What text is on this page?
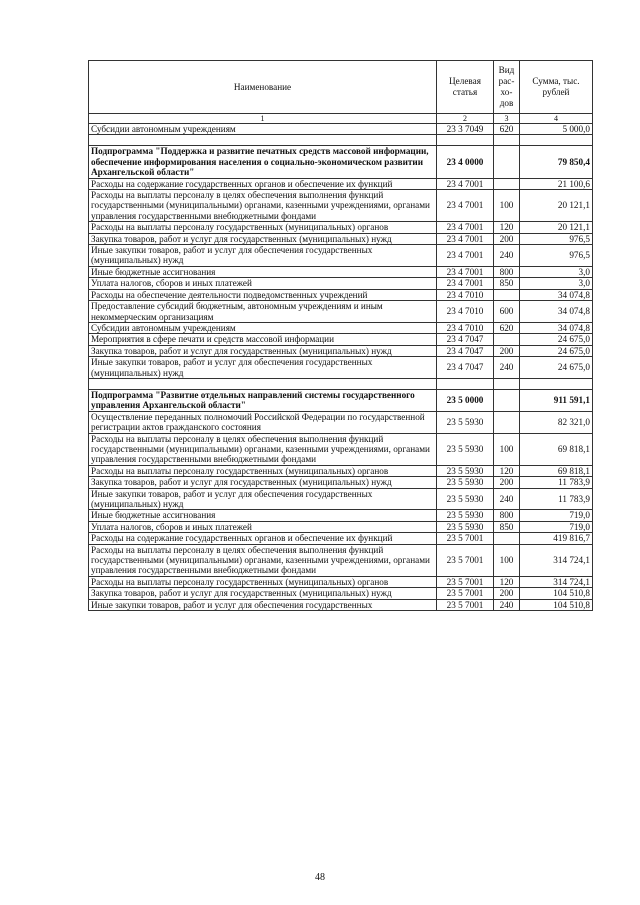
Наименование	Целевая статья	Вид рас-хо-дов	Сумма, тыс. рублей
1	2	3	4
Субсидии автономным учреждениям	23 3 7049	620	5 000,0

Подпрограмма "Поддержка и развитие печатных средств массовой информации, обеспечение информирования населения о социально-экономическом развитии Архангельской области"	23 4 0000		79 850,4
Расходы на содержание государственных органов и обеспечение их функций	23 4 7001		21 100,6
Расходы на выплаты персоналу в целях обеспечения выполнения функций государственными (муниципальными) органами, казенными учреждениями, органами управления государственными внебюджетными фондами	23 4 7001	100	20 121,1
Расходы на выплаты персоналу государственных (муниципальных) органов	23 4 7001	120	20 121,1
Закупка товаров, работ и услуг для государственных (муниципальных) нужд	23 4 7001	200	976,5
Иные закупки товаров, работ и услуг для обеспечения государственных (муниципальных) нужд	23 4 7001	240	976,5
Иные бюджетные ассигнования	23 4 7001	800	3,0
Уплата налогов, сборов и иных платежей	23 4 7001	850	3,0
Расходы на обеспечение деятельности подведомственных учреждений	23 4 7010		34 074,8
Предоставление субсидий бюджетным, автономным учреждениям и иным некоммерческим организациям	23 4 7010	600	34 074,8
Субсидии автономным учреждениям	23 4 7010	620	34 074,8
Мероприятия в сфере печати и средств массовой информации	23 4 7047		24 675,0
Закупка товаров, работ и услуг для государственных (муниципальных) нужд	23 4 7047	200	24 675,0
Иные закупки товаров, работ и услуг для обеспечения государственных (муниципальных) нужд	23 4 7047	240	24 675,0

Подпрограмма "Развитие отдельных направлений системы государственного управления Архангельской области"	23 5 0000		911 591,1
Осуществление переданных полномочий Российской Федерации по государственной регистрации актов гражданского состояния	23 5 5930		82 321,0
Расходы на выплаты персоналу в целях обеспечения выполнения функций государственными (муниципальными) органами, казенными учреждениями, органами управления государственными внебюджетными фондами	23 5 5930	100	69 818,1
Расходы на выплаты персоналу государственных (муниципальных) органов	23 5 5930	120	69 818,1
Закупка товаров, работ и услуг для государственных (муниципальных) нужд	23 5 5930	200	11 783,9
Иные закупки товаров, работ и услуг для обеспечения государственных (муниципальных) нужд	23 5 5930	240	11 783,9
Иные бюджетные ассигнования	23 5 5930	800	719,0
Уплата налогов, сборов и иных платежей	23 5 5930	850	719,0
Расходы на содержание государственных органов и обеспечение их функций	23 5 7001		419 816,7
Расходы на выплаты персоналу в целях обеспечения выполнения функций государственными (муниципальными) органами, казенными учреждениями, органами управления государственными внебюджетными фондами	23 5 7001	100	314 724,1
Расходы на выплаты персоналу государственных (муниципальных) органов	23 5 7001	120	314 724,1
Закупка товаров, работ и услуг для государственных (муниципальных) нужд	23 5 7001	200	104 510,8
Иные закупки товаров, работ и услуг для обеспечения государственных	23 5 7001	240	104 510,8
48
